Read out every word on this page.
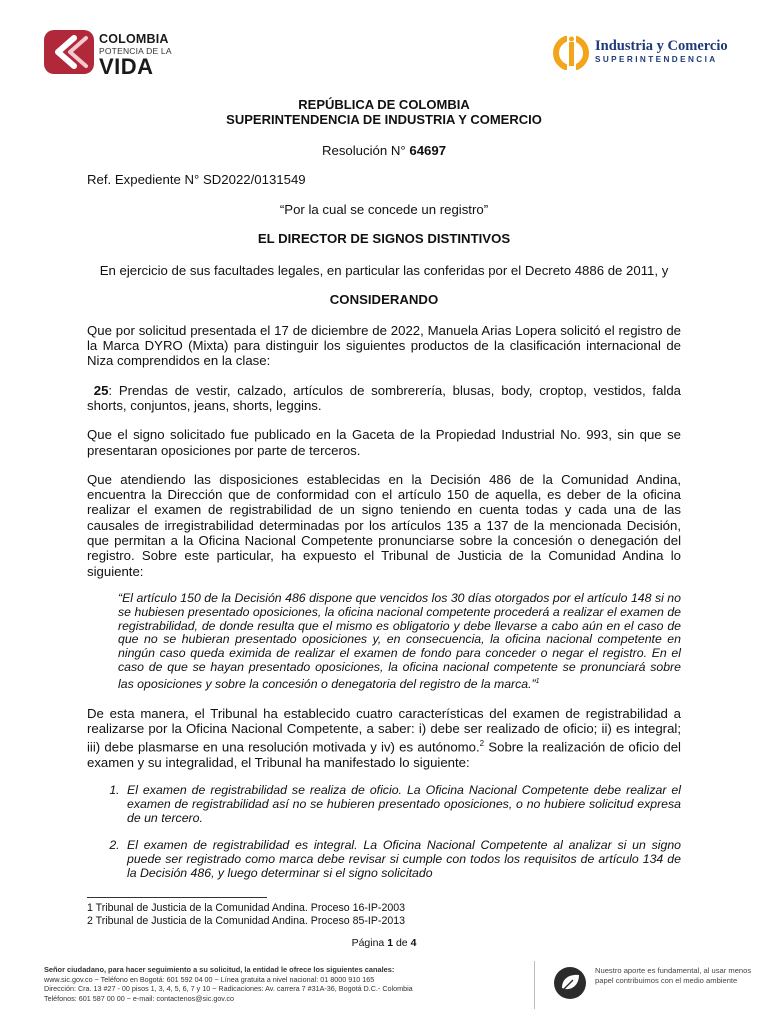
COLOMBIA
POTENCIA DE LA
VIDA
Industria y Comercio
SUPERINTENDENCIA
REPÚBLICA DE COLOMBIA
SUPERINTENDENCIA DE INDUSTRIA Y COMERCIO

Resolución N° 64697

Ref. Expediente N° SD2022/0131549

“Por la cual se concede un registro”

EL DIRECTOR DE SIGNOS DISTINTIVOS

En ejercicio de sus facultades legales, en particular las conferidas por el Decreto 4886 de 2011, y

CONSIDERANDO

Que por solicitud presentada el 17 de diciembre de 2022, Manuela Arias Lopera solicitó el registro de la Marca DYRO (Mixta) para distinguir los siguientes productos de la clasificación internacional de Niza comprendidos en la clase:

25: Prendas de vestir, calzado, artículos de sombrerería, blusas, body, croptop, vestidos, falda shorts, conjuntos, jeans, shorts, leggins.

Que el signo solicitado fue publicado en la Gaceta de la Propiedad Industrial No. 993, sin que se presentaran oposiciones por parte de terceros.

Que atendiendo las disposiciones establecidas en la Decisión 486 de la Comunidad Andina, encuentra la Dirección que de conformidad con el artículo 150 de aquella, es deber de la oficina realizar el examen de registrabilidad de un signo teniendo en cuenta todas y cada una de las causales de irregistrabilidad determinadas por los artículos 135 a 137 de la mencionada Decisión, que permitan a la Oficina Nacional Competente pronunciarse sobre la concesión o denegación del registro. Sobre este particular, ha expuesto el Tribunal de Justicia de la Comunidad Andina lo siguiente:

“El artículo 150 de la Decisión 486 dispone que vencidos los 30 días otorgados por el artículo 148 si no se hubiesen presentado oposiciones, la oficina nacional competente procederá a realizar el examen de registrabilidad, de donde resulta que el mismo es obligatorio y debe llevarse a cabo aún en el caso de que no se hubieran presentado oposiciones y, en consecuencia, la oficina nacional competente en ningún caso queda eximida de realizar el examen de fondo para conceder o negar el registro. En el caso de que se hayan presentado oposiciones, la oficina nacional competente se pronunciará sobre las oposiciones y sobre la concesión o denegatoria del registro de la marca.”$^1$

De esta manera, el Tribunal ha establecido cuatro características del examen de registrabilidad a realizarse por la Oficina Nacional Competente, a saber: i) debe ser realizado de oficio; ii) es integral; iii) debe plasmarse en una resolución motivada y iv) es autónomo.$^2$ Sobre la realización de oficio del examen y su integralidad, el Tribunal ha manifestado lo siguiente:

1. El examen de registrabilidad se realiza de oficio. La Oficina Nacional Competente debe realizar el examen de registrabilidad así no se hubieren presentado oposiciones, o no hubiere solicitud expresa de un tercero.
2. El examen de registrabilidad es integral. La Oficina Nacional Competente al analizar si un signo puede ser registrado como marca debe revisar si cumple con todos los requisitos de artículo 134 de la Decisión 486, y luego determinar si el signo solicitado
1 Tribunal de Justicia de la Comunidad Andina. Proceso 16-IP-2003
2 Tribunal de Justicia de la Comunidad Andina. Proceso 85-IP-2013
Página 1 de 4
Señor ciudadano, para hacer seguimiento a su solicitud, la entidad le ofrece los siguientes canales:
www.sic.gov.co ~ Teléfono en Bogotá: 601 592 04 00 ~ Línea gratuita a nivel nacional: 01 8000 910 165
Dirección: Cra. 13 #27 - 00 pisos 1, 3, 4, 5, 6, 7 y 10 ~ Radicaciones: Av. carrera 7 #31A-36, Bogotá D.C.- Colombia
Teléfonos: 601 587 00 00 ~ e-mail: contactenos@sic.gov.co
Nuestro aporte es fundamental, al usar menos papel contribuimos con el medio ambiente
